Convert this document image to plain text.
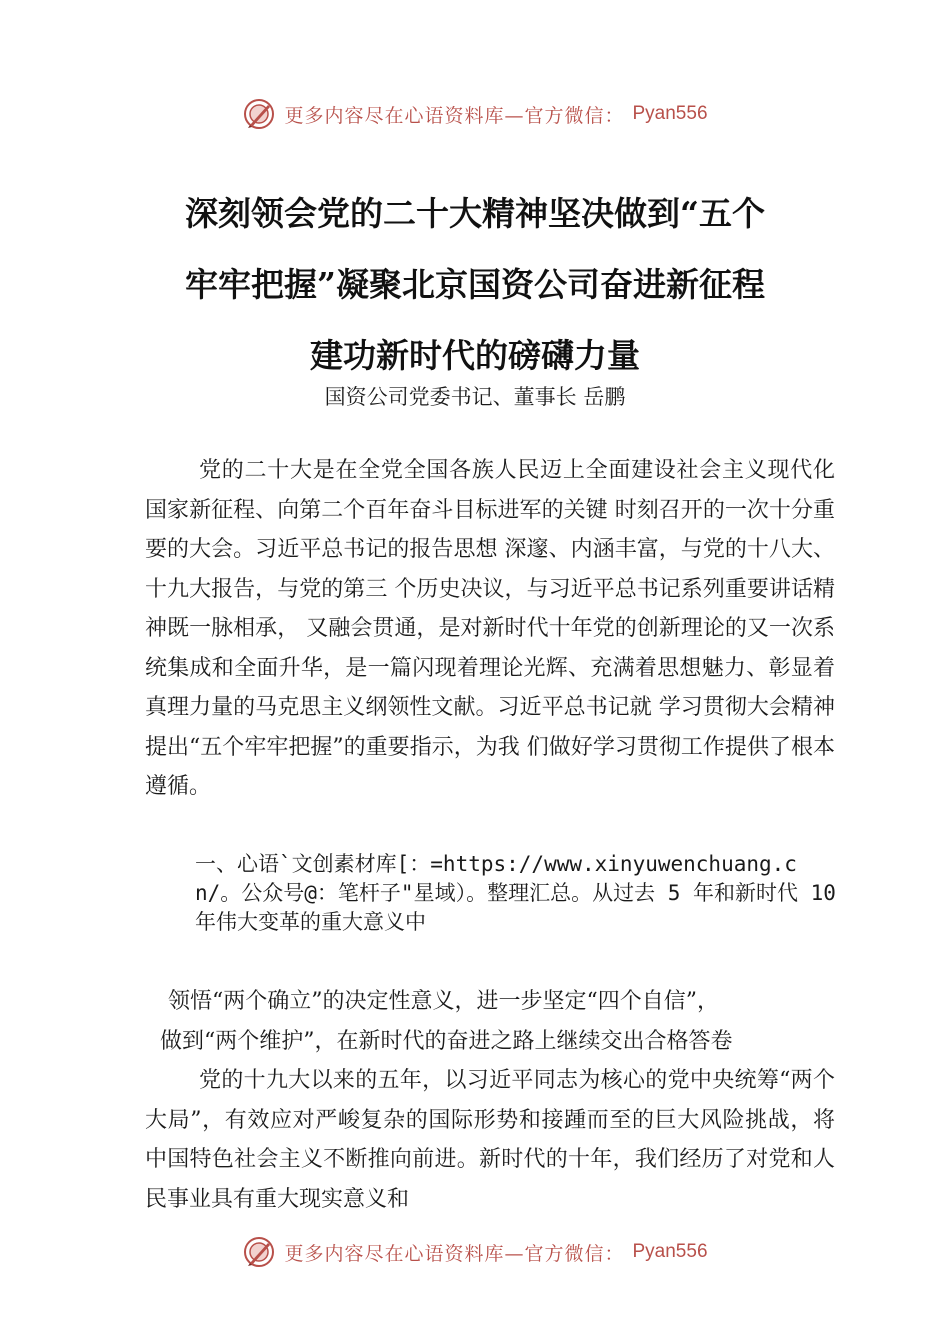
更多内容尽在心语资料库—官方微信： Pyan556
深刻领会党的二十大精神坚决做到“五个
牢牢把握”凝聚北京国资公司奋进新征程

建功新时代的磅礴力量
国资公司党委书记、董事长 岳鹏

党的二十大是在全党全国各族人民迈上全面建设社会主义现代化国家新征程、向第二个百年奋斗目标进军的关键 时刻召开的一次十分重要的大会。习近平总书记的报告思想 深邃、内涵丰富，与党的十八大、十九大报告，与党的第三 个历史决议，与习近平总书记系列重要讲话精神既一脉相承， 又融会贯通，是对新时代十年党的创新理论的又一次系统集成和全面升华，是一篇闪现着理论光辉、充满着思想魅力、彰显着真理力量的马克思主义纲领性文献。习近平总书记就 学习贯彻大会精神提出“五个牢牢把握”的重要指示，为我 们做好学习贯彻工作提供了根本遵循。

一、心语`文创素材库[：=https://www.xinyuwenchuang.cn/。公众号@：笔杆子"星域）。整理汇总。从过去 5 年和新时代 10 年伟大变革的重大意义中

领悟“两个确立”的决定性意义，进一步坚定“四个自信”，

做到“两个维护”，在新时代的奋进之路上继续交出合格答卷

党的十九大以来的五年，以习近平同志为核心的党中央统筹“两个大局”，有效应对严峻复杂的国际形势和接踵而至的巨大风险挑战，将中国特色社会主义不断推向前进。新时代的十年，我们经历了对党和人民事业具有重大现实意义和

更多内容尽在心语资料库—官方微信： Pyan556
